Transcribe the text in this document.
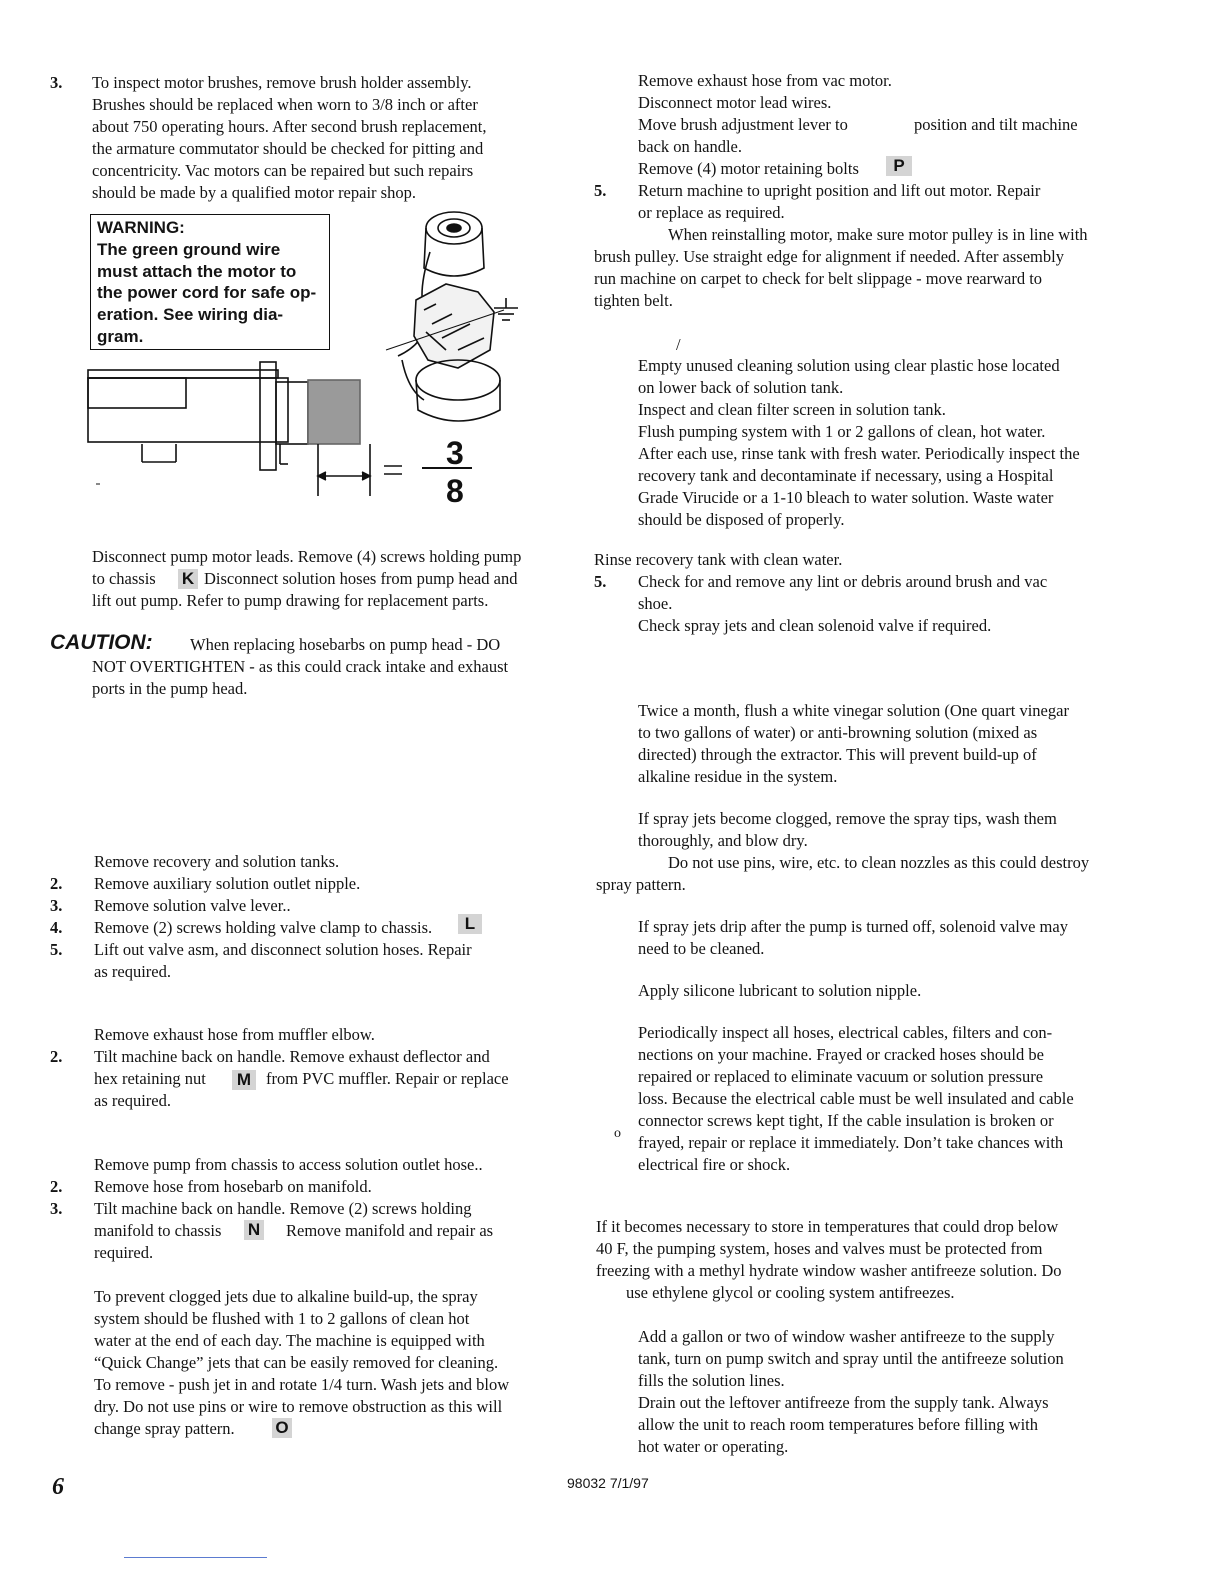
3. To inspect motor brushes, remove brush holder assembly.
Brushes should be replaced when worn to 3/8 inch or after
about 750 operating hours. After second brush replacement,
the armature commutator should be checked for pitting and
concentricity. Vac motors can be repaired but such repairs
should be made by a qualified motor repair shop.
WARNING:
The green ground wire
must attach the motor to
the power cord for safe op-
eration. See wiring dia-
gram.
3
8
Disconnect pump motor leads. Remove (4) screws holding pump
to chassis K Disconnect solution hoses from pump head and
lift out pump. Refer to pump drawing for replacement parts.
CAUTION: When replacing hosebarbs on pump head - DO
NOT OVERTIGHTEN - as this could crack intake and exhaust
ports in the pump head.
Remove recovery and solution tanks.
2. Remove auxiliary solution outlet nipple.
3. Remove solution valve lever..
4. Remove (2) screws holding valve clamp to chassis.	L
5. Lift out valve asm, and disconnect solution hoses. Repair
as required.
Remove exhaust hose from muffler elbow.
2. Tilt machine back on handle. Remove exhaust deflector and
hex retaining nut M from PVC muffler. Repair or replace
as required.
Remove pump from chassis to access solution outlet hose..
2. Remove hose from hosebarb on manifold.
3. Tilt machine back on handle. Remove (2) screws holding
manifold to chassis N Remove manifold and repair as
required.
To prevent clogged jets due to alkaline build-up, the spray
system should be flushed with 1 to 2 gallons of clean hot
water at the end of each day. The machine is equipped with
“Quick Change” jets that can be easily removed for cleaning.
To remove - push jet in and rotate 1/4 turn. Wash jets and blow
dry. Do not use pins or wire to remove obstruction as this will
change spray pattern. O
Remove exhaust hose from vac motor.
Disconnect motor lead wires.
Move brush adjustment lever to	position and tilt machine
back on handle.
Remove (4) motor retaining bolts	P
5. Return machine to upright position and lift out motor. Repair
or replace as required.
When reinstalling motor, make sure motor pulley is in line with
brush pulley. Use straight edge for alignment if needed. After assembly
run machine on carpet to check for belt slippage - move rearward to
tighten belt.
/
Empty unused cleaning solution using clear plastic hose located
on lower back of solution tank.
Inspect and clean filter screen in solution tank.
Flush pumping system with 1 or 2 gallons of clean, hot water.
After each use, rinse tank with fresh water. Periodically inspect the
recovery tank and decontaminate if necessary, using a Hospital
Grade Virucide or a 1-10 bleach to water solution. Waste water
should be disposed of properly.
Rinse recovery tank with clean water.
5. Check for and remove any lint or debris around brush and vac
shoe.
Check spray jets and clean solenoid valve if required.
Twice a month, flush a white vinegar solution (One quart vinegar
to two gallons of water) or anti-browning solution (mixed as
directed) through the extractor. This will prevent build-up of
alkaline residue in the system.
If spray jets become clogged, remove the spray tips, wash them
thoroughly, and blow dry.
Do not use pins, wire, etc. to clean nozzles as this could destroy
spray pattern.
If spray jets drip after the pump is turned off, solenoid valve may
need to be cleaned.
Apply silicone lubricant to solution nipple.
Periodically inspect all hoses, electrical cables, filters and con-
nections on your machine. Frayed or cracked hoses should be
repaired or replaced to eliminate vacuum or solution pressure
loss. Because the electrical cable must be well insulated and cable
connector screws kept tight, If the cable insulation is broken or
frayed, repair or replace it immediately. Don’t take chances with
electrical fire or shock.
o
If it becomes necessary to store in temperatures that could drop below
40 F, the pumping system, hoses and valves must be protected from
freezing with a methyl hydrate window washer antifreeze solution. Do
use ethylene glycol or cooling system antifreezes.
Add a gallon or two of window washer antifreeze to the supply
tank, turn on pump switch and spray until the antifreeze solution
fills the solution lines.
Drain out the leftover antifreeze from the supply tank. Always
allow the unit to reach room temperatures before filling with
hot water or operating.
6	98032 7/1/97
